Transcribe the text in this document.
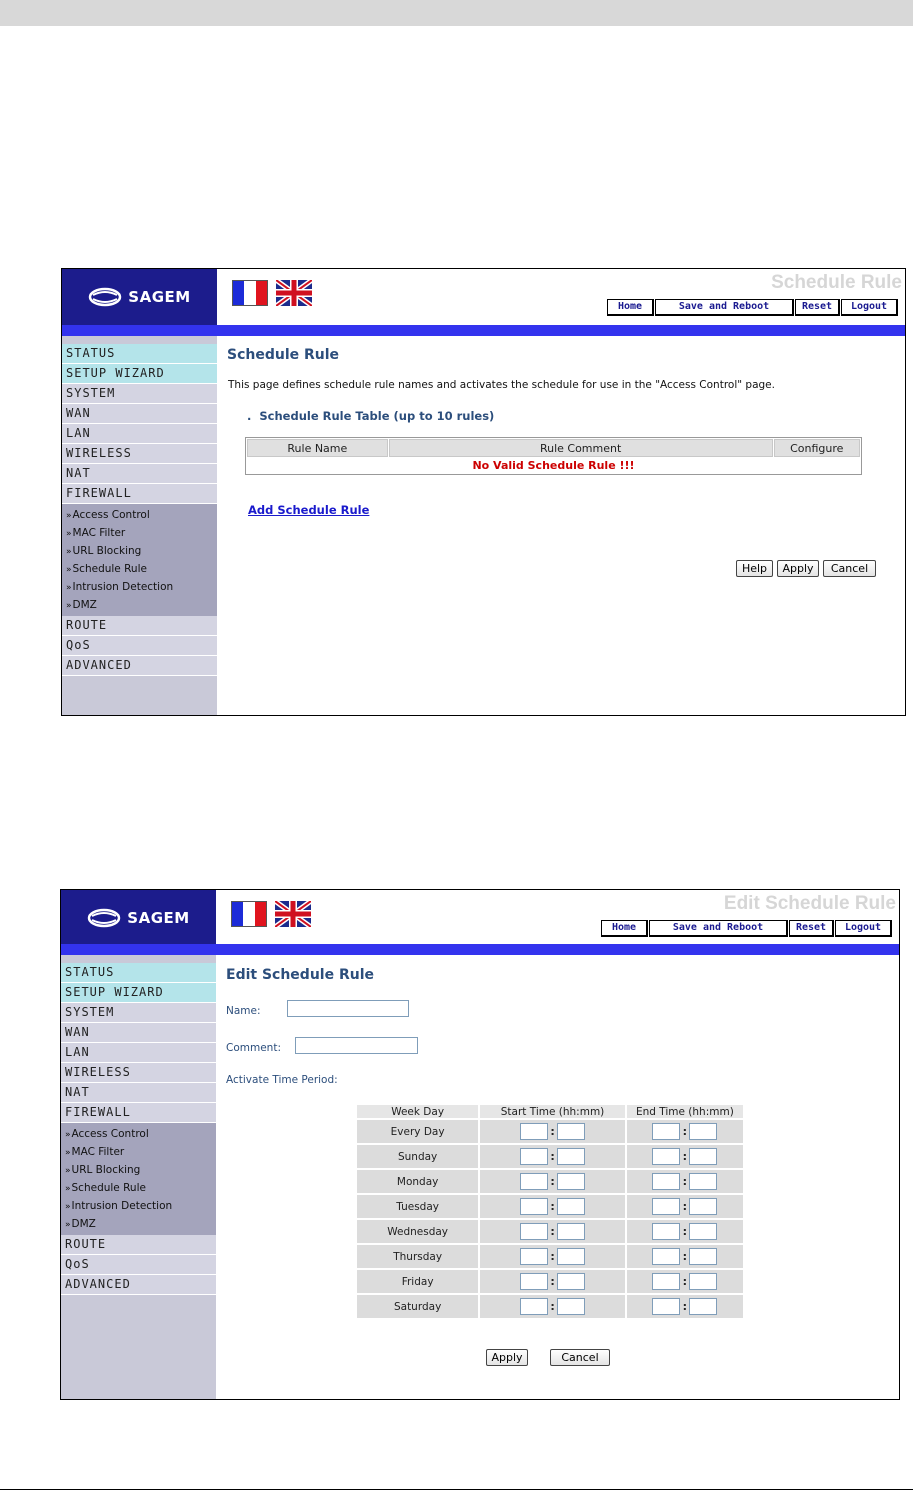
SAGEM
Schedule Rule
Home	Save and Reboot	Reset	Logout
STATUS
SETUP WIZARD
SYSTEM
WAN
LAN
WIRELESS
NAT
FIREWALL
»Access Control
»MAC Filter
»URL Blocking
»Schedule Rule
»Intrusion Detection
»DMZ
ROUTE
QoS
ADVANCED
Schedule Rule
This page defines schedule rule names and activates the schedule for use in the "Access Control" page.
.  Schedule Rule Table (up to 10 rules)
Rule Name	Rule Comment	Configure
No Valid Schedule Rule !!!
Add Schedule Rule
Help	Apply	Cancel
SAGEM
Edit Schedule Rule
Home	Save and Reboot	Reset	Logout
STATUS
SETUP WIZARD
SYSTEM
WAN
LAN
WIRELESS
NAT
FIREWALL
»Access Control
»MAC Filter
»URL Blocking
»Schedule Rule
»Intrusion Detection
»DMZ
ROUTE
QoS
ADVANCED
Edit Schedule Rule
Name:
Comment:
Activate Time Period:
Week Day	Start Time (hh:mm)	End Time (hh:mm)
Every Day	:	:

Sunday	:	:

Monday	:	:

Tuesday	:	:

Wednesday	:	:

Thursday	:	:

Friday	:	:

Saturday	:	:
Apply	Cancel
